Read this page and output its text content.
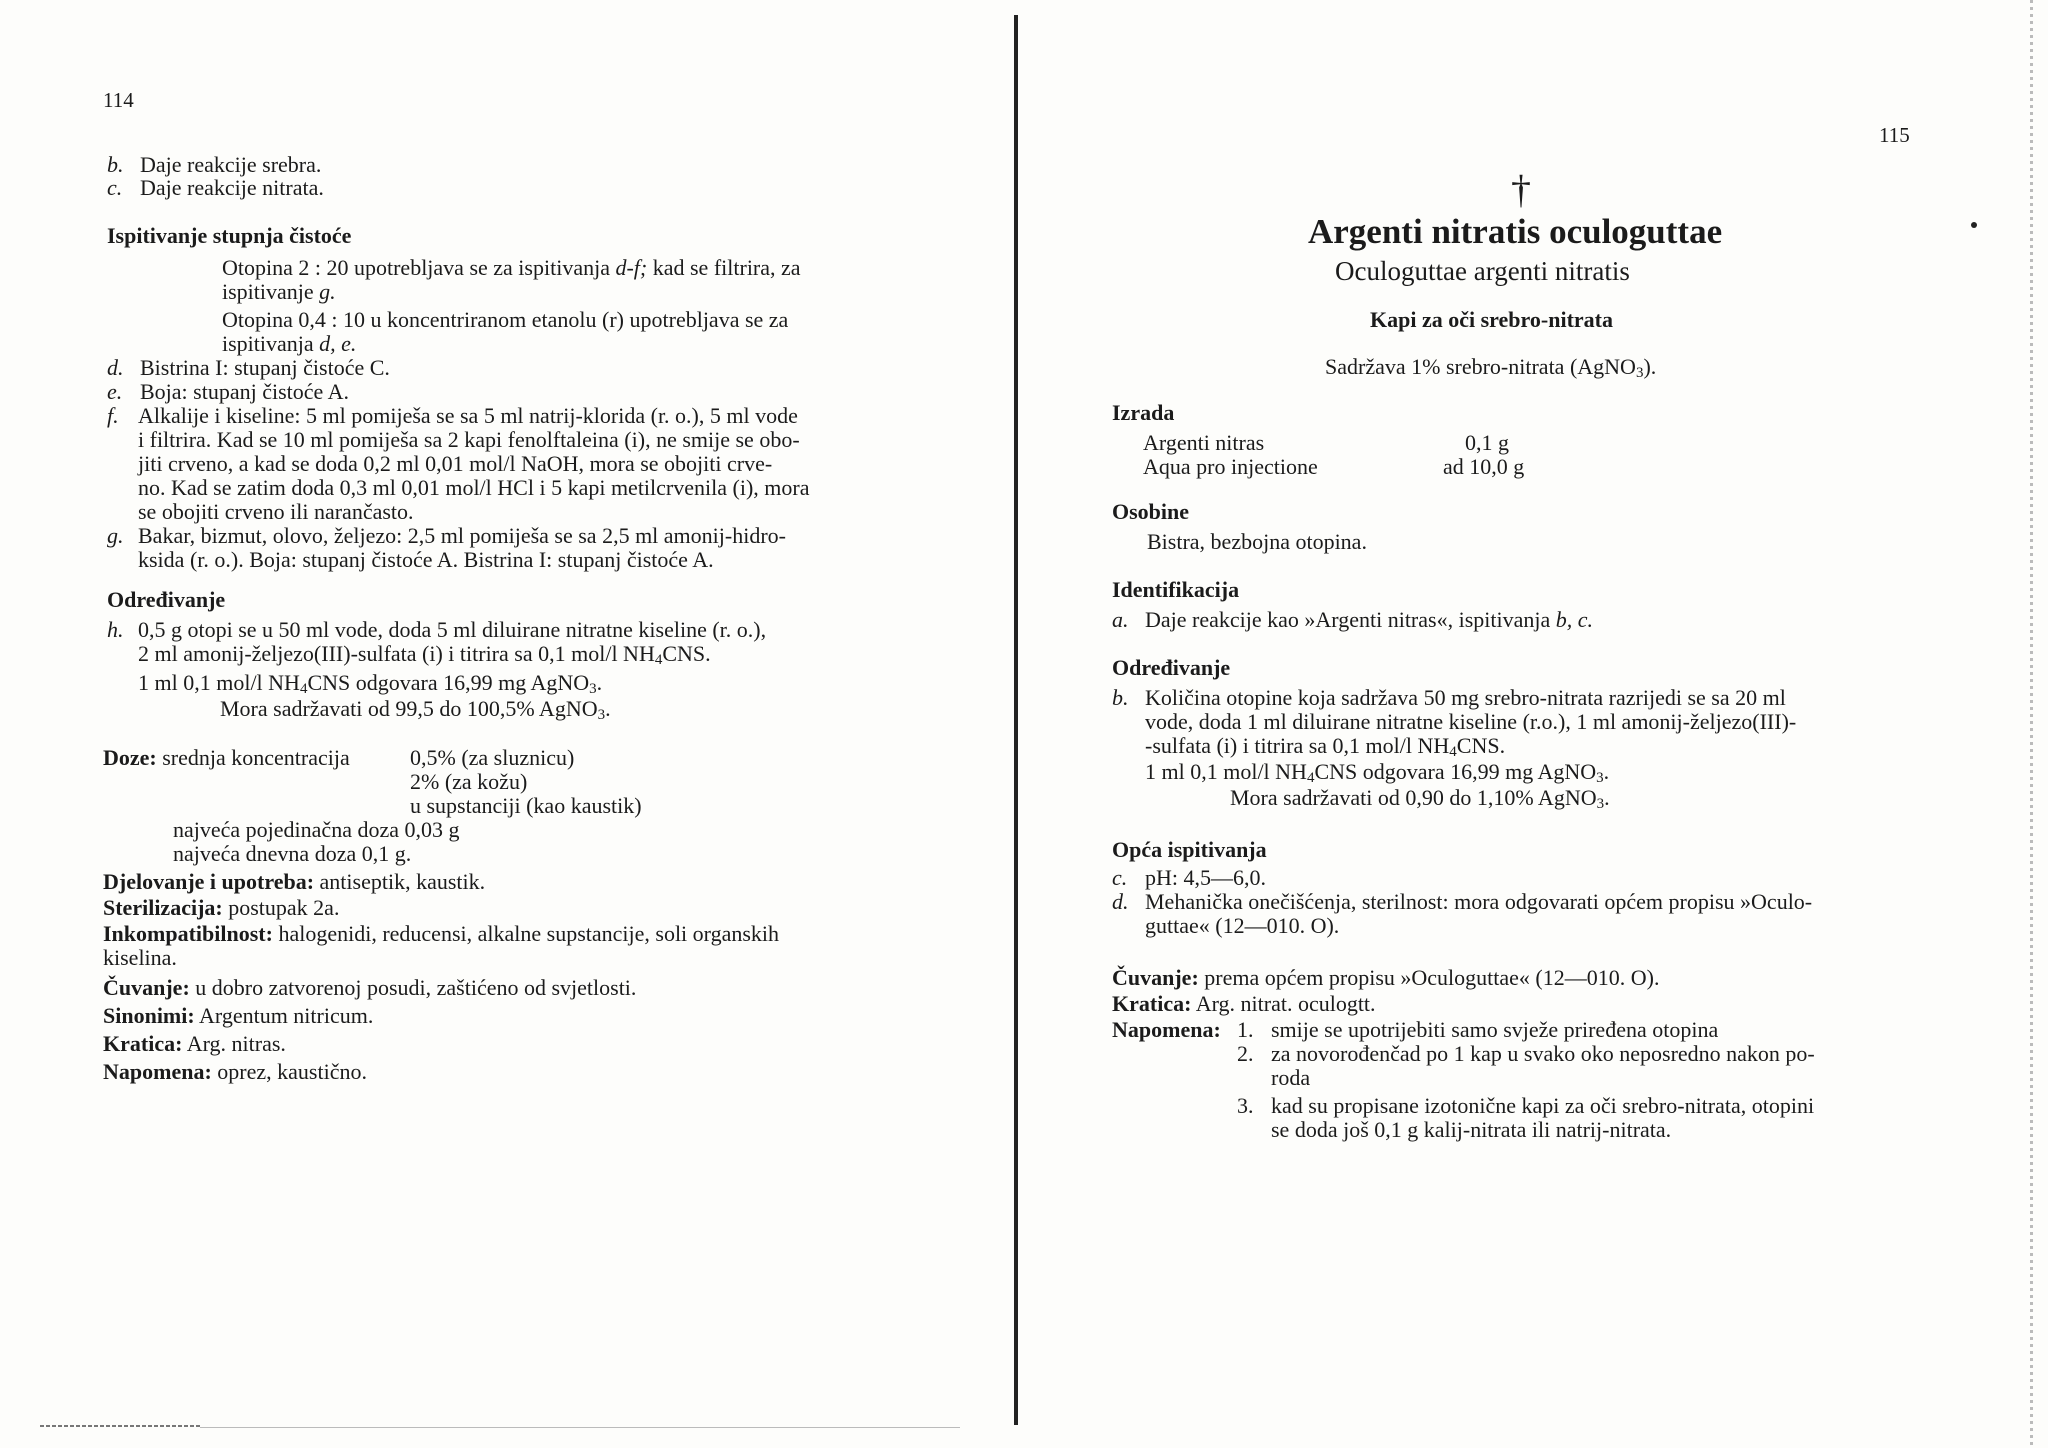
114
b. Daje reakcije srebra.
c. Daje reakcije nitrata.
Ispitivanje stupnja čistoće
Otopina 2 : 20 upotrebljava se za ispitivanja d-f; kad se filtrira, za
ispitivanje g.
Otopina 0,4 : 10 u koncentriranom etanolu (r) upotrebljava se za
ispitivanja d, e.
d. Bistrina I: stupanj čistoće C.
e. Boja: stupanj čistoće A.
f. Alkalije i kiseline: 5 ml pomiješa se sa 5 ml natrij-klorida (r. o.), 5 ml vode
i filtrira. Kad se 10 ml pomiješa sa 2 kapi fenolftaleina (i), ne smije se obo-
jiti crveno, a kad se doda 0,2 ml 0,01 mol/l NaOH, mora se obojiti crve-
no. Kad se zatim doda 0,3 ml 0,01 mol/l HCl i 5 kapi metilcrvenila (i), mora
se obojiti crveno ili narančasto.
g. Bakar, bizmut, olovo, željezo: 2,5 ml pomiješa se sa 2,5 ml amonij-hidro-
ksida (r. o.). Boja: stupanj čistoće A. Bistrina I: stupanj čistoće A.
Određivanje
h. 0,5 g otopi se u 50 ml vode, doda 5 ml diluirane nitratne kiseline (r. o.),
2 ml amonij-željezo(III)-sulfata (i) i titrira sa 0,1 mol/l $NH_4CNS$.
1 ml 0,1 mol/l $NH_4CNS$ odgovara 16,99 mg AgNO$_3$.
Mora sadržavati od 99,5 do 100,5% AgNO$_3$.
Doze: srednja koncentracija	0,5% (za sluznicu)
2% (za kožu)
u supstanciji (kao kaustik)
najveća pojedinačna doza 0,03 g
najveća dnevna doza 0,1 g.
Djelovanje i upotreba: antiseptik, kaustik.
Sterilizacija: postupak 2a.
Inkompatibilnost: halogenidi, reducensi, alkalne supstancije, soli organskih
kiselina.
Čuvanje: u dobro zatvorenoj posudi, zaštićeno od svjetlosti.
Sinonimi: Argentum nitricum.
Kratica: Arg. nitras.
Napomena: oprez, kaustično.
115
†
Argenti nitratis oculoguttae
Oculoguttae argenti nitratis
Kapi za oči srebro-nitrata
Sadržava 1% srebro-nitrata (AgNO$_3$).
Izrada
Argenti nitras	0,1 g
Aqua pro injectione	ad 10,0 g
Osobine
Bistra, bezbojna otopina.
Identifikacija
a. Daje reakcije kao »Argenti nitras«, ispitivanja b, c.
Određivanje
b. Količina otopine koja sadržava 50 mg srebro-nitrata razrijedi se sa 20 ml
vode, doda 1 ml diluirane nitratne kiseline (r.o.), 1 ml amonij-željezo(III)-
-sulfata (i) i titrira sa 0,1 mol/l $NH_4CNS$.
1 ml 0,1 mol/l $NH_4CNS$ odgovara 16,99 mg AgNO$_3$.
Mora sadržavati od 0,90 do 1,10% AgNO$_3$.
Opća ispitivanja
c. pH: 4,5—6,0.
d. Mehanička onečišćenja, sterilnost: mora odgovarati općem propisu »Oculo-
guttae« (12—010. O).
Čuvanje: prema općem propisu »Oculoguttae« (12—010. O).
Kratica: Arg. nitrat. oculogtt.
Napomena: 1. smije se upotrijebiti samo svježe priređena otopina
2. za novorođenčad po 1 kap u svako oko neposredno nakon po-
roda
3. kad su propisane izotonične kapi za oči srebro-nitrata, otopini
se doda još 0,1 g kalij-nitrata ili natrij-nitrata.
